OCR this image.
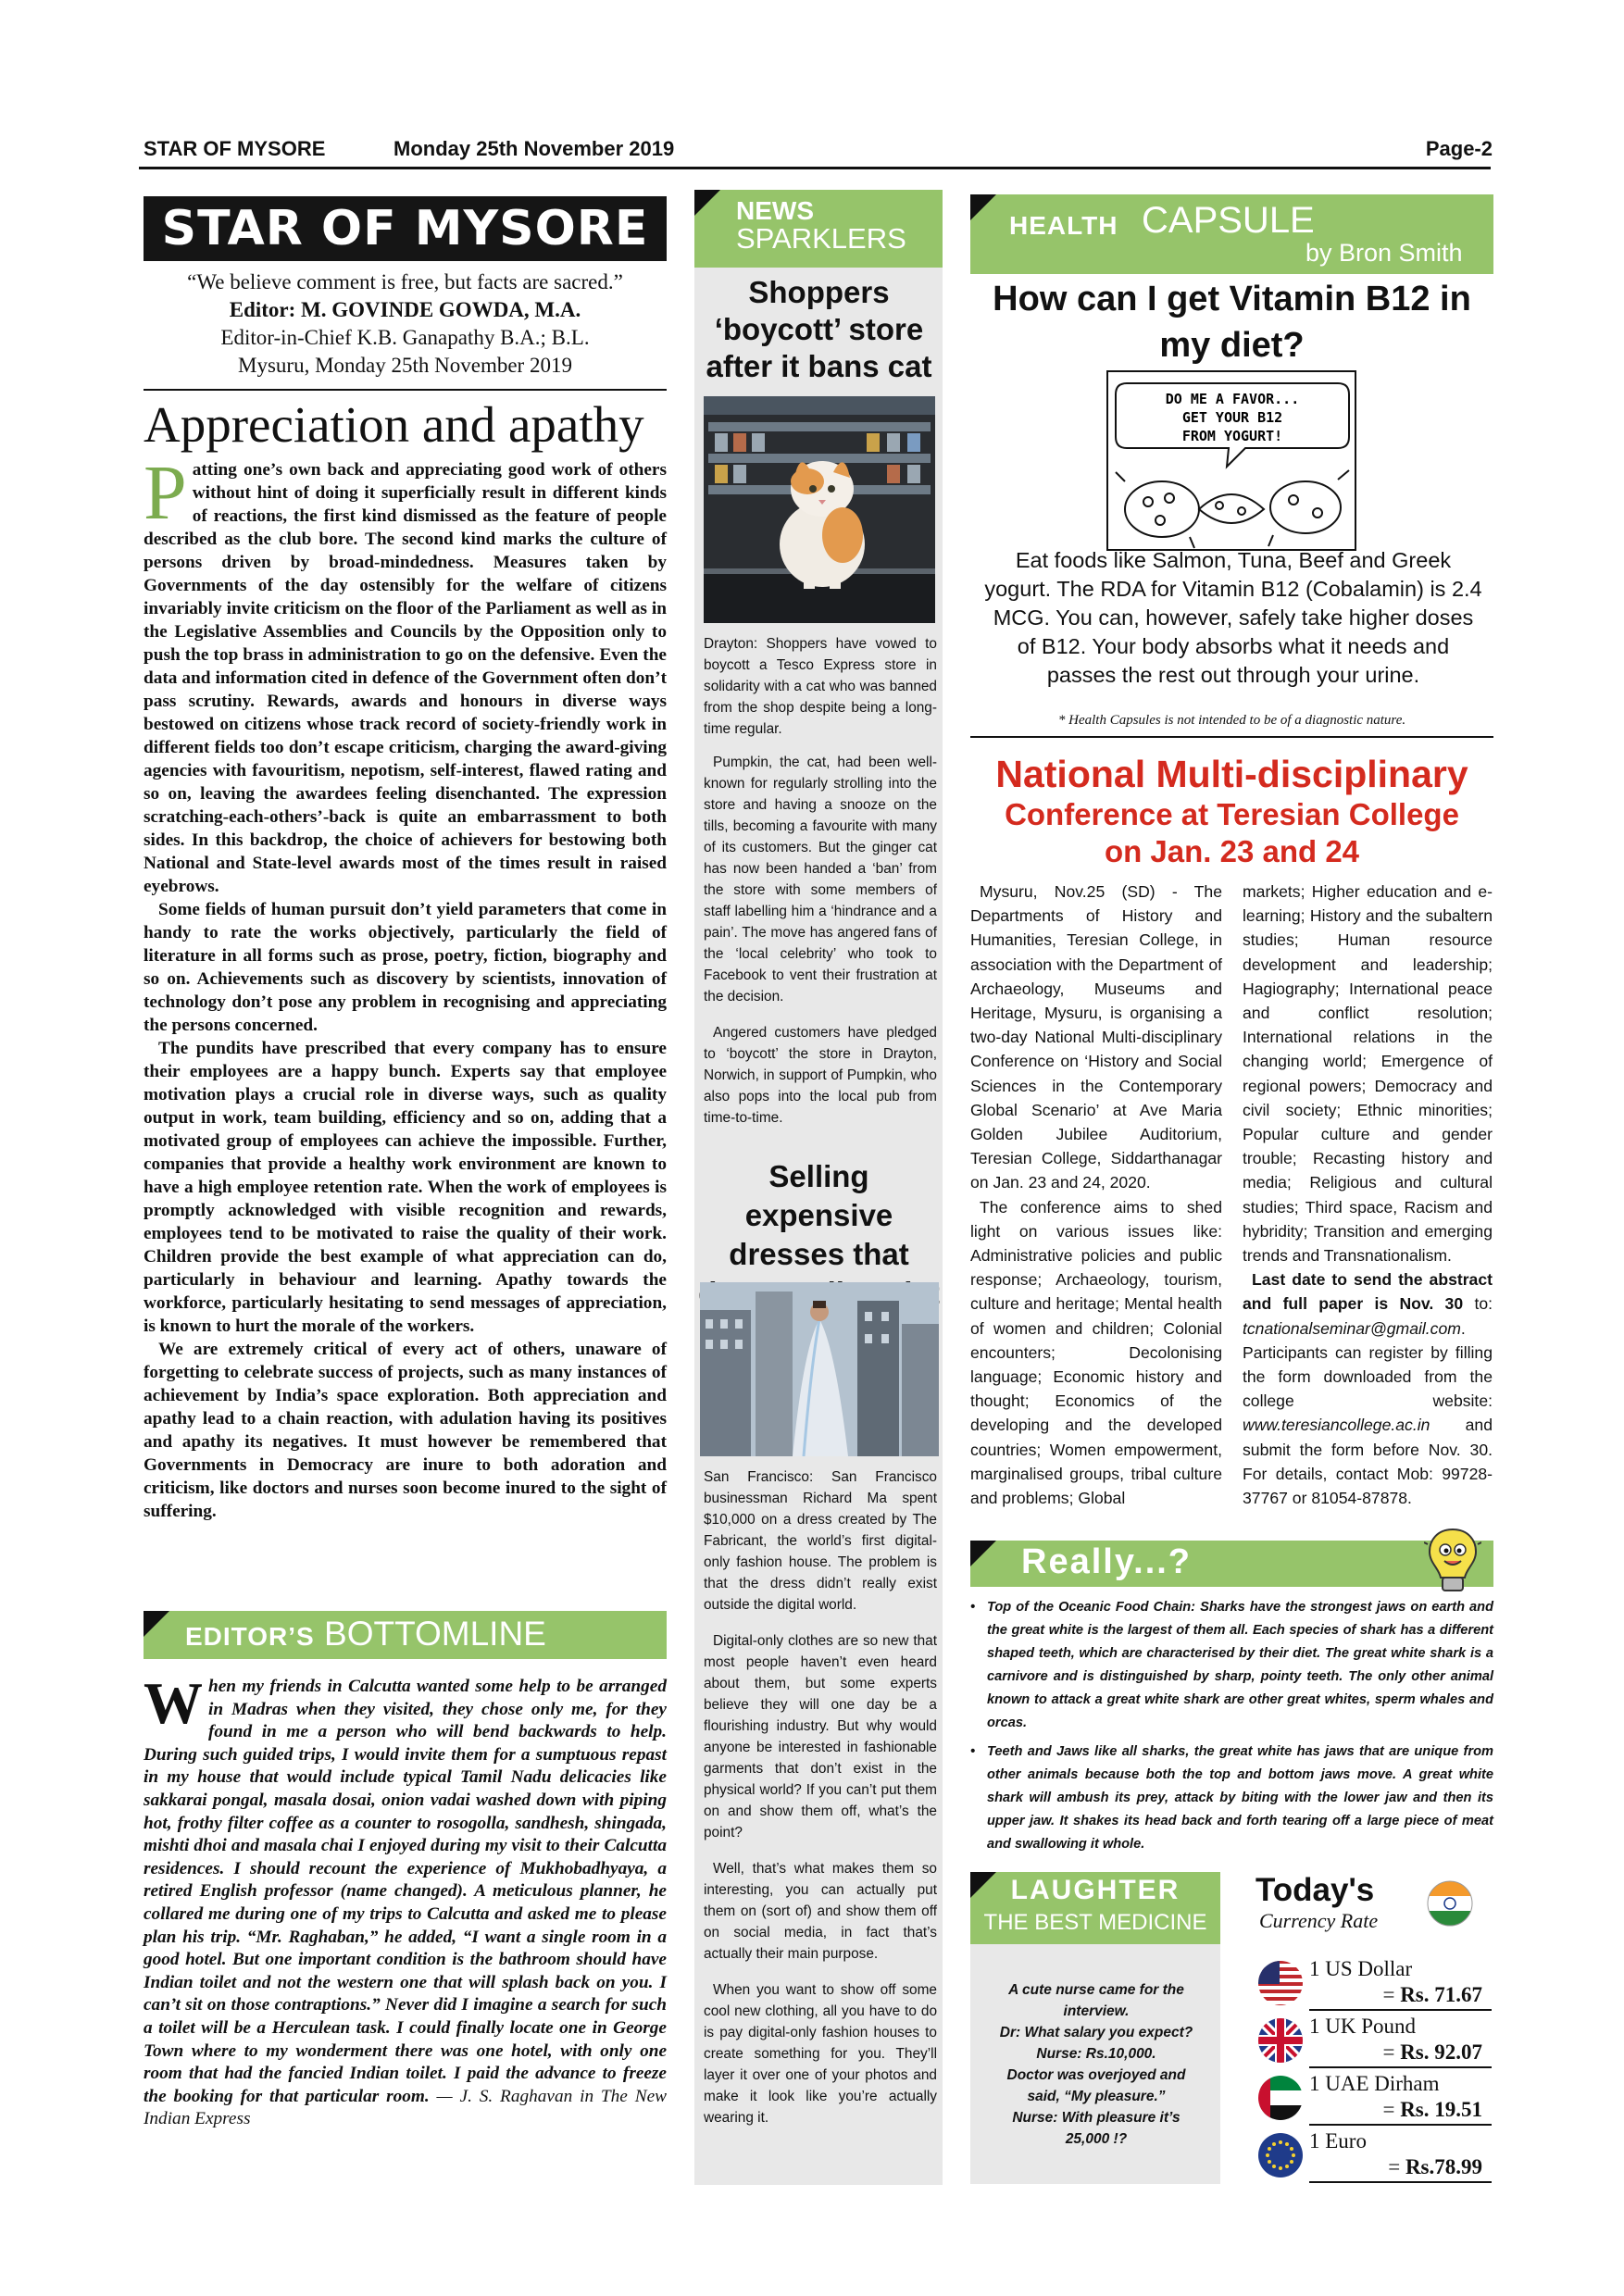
STAR OF MYSORE	Monday 25th November 2019	Page-2
STAR OF MYSORE
“We believe comment is free, but facts are sacred.”
Editor: M. GOVINDE GOWDA, M.A.
Editor-in-Chief K.B. Ganapathy B.A.; B.L.
Mysuru, Monday 25th November 2019
Appreciation and apathy

Patting one’s own back and appreciating good work of others without hint of doing it superficially result in different kinds of reactions, the first kind dismissed as the feature of people described as the club bore. The second kind marks the culture of persons driven by broad-mindedness. Measures taken by Governments of the day ostensibly for the welfare of citizens invariably invite criticism on the floor of the Parliament as well as in the Legislative Assemblies and Councils by the Opposition only to push the top brass in administration to go on the defensive. Even the data and information cited in defence of the Government often don’t pass scrutiny. Rewards, awards and honours in diverse ways bestowed on citizens whose track record of society-friendly work in different fields too don’t escape criticism, charging the award-giving agencies with favouritism, nepotism, self-interest, flawed rating and so on, leaving the awardees feeling disenchanted. The expression scratching-each-others’-back is quite an embarrassment to both sides. In this backdrop, the choice of achievers for bestowing both National and State-level awards most of the times result in raised eyebrows.

Some fields of human pursuit don’t yield parameters that come in handy to rate the works objectively, particularly the field of literature in all forms such as prose, poetry, fiction, biography and so on. Achievements such as discovery by scientists, innovation of technology don’t pose any problem in recognising and appreciating the persons concerned.

The pundits have prescribed that every company has to ensure their employees are a happy bunch. Experts say that employee motivation plays a crucial role in diverse ways, such as quality output in work, team building, efficiency and so on, adding that a motivated group of employees can achieve the impossible. Further, companies that provide a healthy work environment are known to have a high employee retention rate. When the work of employees is promptly acknowledged with visible recognition and rewards, employees tend to be motivated to raise the quality of their work. Children provide the best example of what appreciation can do, particularly in behaviour and learning. Apathy towards the workforce, particularly hesitating to send messages of appreciation, is known to hurt the morale of the workers.

We are extremely critical of every act of others, unaware of forgetting to celebrate success of projects, such as many instances of achievement by India’s space exploration. Both appreciation and apathy lead to a chain reaction, with adulation having its positives and apathy its negatives. It must however be remembered that Governments in Democracy are inure to both adoration and criticism, like doctors and nurses soon become inured to the sight of suffering.

EDITOR’S BOTTOMLINE
When my friends in Calcutta wanted some help to be arranged in Madras when they visited, they chose only me, for they found in me a person who will bend backwards to help. During such guided trips, I would invite them for a sumptuous repast in my house that would include typical Tamil Nadu delicacies like sakkarai pongal, masala dosai, onion vadai washed down with piping hot, frothy filter coffee as a counter to rosogolla, sandhesh, shingada, mishti dhoi and masala chai I enjoyed during my visit to their Calcutta residences. I should recount the experience of Mukhobadhyaya, a retired English professor (name changed). A meticulous planner, he collared me during one of my trips to Calcutta and asked me to please plan his trip. “Mr. Raghaban,” he added, “I want a single room in a good hotel. But one important condition is the bathroom should have Indian toilet and not the western one that will splash back on you. I can’t sit on those contraptions.” Never did I imagine a search for such a toilet will be a Herculean task. I could finally locate one in George Town where to my wonderment there was one hotel, with only one room that had the fancied Indian toilet. I paid the advance to freeze the booking for that particular room. — J. S. Raghavan in The New Indian Express
NEWS
SPARKLERS
Shoppers ‘boycott’ store after it bans cat
Drayton: Shoppers have vowed to boycott a Tesco Express store in solidarity with a cat who was banned from the shop despite being a long-time regular.

Pumpkin, the cat, had been well-known for regularly strolling into the store and having a snooze on the tills, becoming a favourite with many of its customers. But the ginger cat has now been handed a ‘ban’ from the store with some members of staff labelling him a ‘hindrance and a pain’. The move has angered fans of the ‘local celebrity’ who took to Facebook to vent their frustration at the decision.

Angered customers have pledged to ‘boycott’ the store in Drayton, Norwich, in support of Pumpkin, who also pops into the local pub from time-to-time.

Selling expensive dresses that

San Francisco: San Francisco businessman Richard Ma spent $10,000 on a dress created by The Fabricant, the world’s first digital-only fashion house. The problem is that the dress didn’t really exist outside the digital world.

Digital-only clothes are so new that most people haven’t even heard about them, but some experts believe they will one day be a flourishing industry. But why would anyone be interested in fashionable garments that don’t exist in the physical world? If you can’t put them on and show them off, what’s the point?

Well, that’s what makes them so interesting, you can actually put them on (sort of) and show them off on social media, in fact that’s actually their main purpose.

When you want to show off some cool new clothing, all you have to do is pay digital-only fashion houses to create something for you. They’ll layer it over one of your photos and make it look like you’re actually wearing it.

HEALTH CAPSULE
by Bron Smith
How can I get Vitamin B12 in my diet?
DO ME A FAVOR...
GET YOUR B12
FROM YOGURT!
Eat foods like Salmon, Tuna, Beef and Greek yogurt. The RDA for Vitamin B12 (Cobalamin) is 2.4 MCG. You can, however, safely take higher doses of B12. Your body absorbs what it needs and passes the rest out through your urine.
* Health Capsules is not intended to be of a diagnostic nature.
National Multi-disciplinary
Conference at Teresian College
on Jan. 23 and 24

Mysuru, Nov.25 (SD) - The Departments of History and Humanities, Teresian College, in association with the Department of Archaeology, Museums and Heritage, Mysuru, is organising a two-day National Multi-disciplinary Conference on ‘History and Social Sciences in the Contemporary Global Scenario’ at Ave Maria Golden Jubilee Auditorium, Teresian College, Siddarthanagar on Jan. 23 and 24, 2020.

The conference aims to shed light on various issues like: Administrative policies and public response; Archaeology, tourism, culture and heritage; Mental health of women and children; Colonial encounters; Decolonising language; Economic history and thought; Economics of the developing and the developed countries; Women empowerment, marginalised groups, tribal culture and problems; Global

markets; Higher education and e-learning; History and the subaltern studies; Human resource development and leadership; Hagiography; International peace and conflict resolution; International relations in the changing world; Emergence of regional powers; Democracy and civil society; Ethnic minorities; Popular culture and gender trouble; Recasting history and media; Religious and cultural studies; Third space, Racism and hybridity; Transition and emerging trends and Transnationalism.

Last date to send the abstract and full paper is Nov. 30 to: tcnationalseminar@gmail.com. Participants can register by filling the form downloaded from the college website: www.teresiancollege.ac.in and submit the form before Nov. 30. For details, contact Mob: 99728-37767 or 81054-87878.

Really...?
• Top of the Oceanic Food Chain: Sharks have the strongest jaws on earth and the great white is the largest of them all. Each species of shark has a different shaped teeth, which are characterised by their diet. The great white shark is a carnivore and is distinguished by sharp, pointy teeth. The only other animal known to attack a great white shark are other great whites, sperm whales and orcas.
• Teeth and Jaws like all sharks, the great white has jaws that are unique from other animals because both the top and bottom jaws move. A great white shark will ambush its prey, attack by biting with the lower jaw and then its upper jaw. It shakes its head back and forth tearing off a large piece of meat and swallowing it whole.
LAUGHTER
THE BEST MEDICINE
A cute nurse came for the interview.
Dr: What salary you expect?
Nurse: Rs.10,000.
Doctor was overjoyed and said, “My pleasure.”
Nurse: With pleasure it’s 25,000 !?
Today's
Currency Rate
1 US Dollar
= Rs. 71.67
1 UK Pound
= Rs. 92.07
1 UAE Dirham
= Rs. 19.51
1 Euro
= Rs.78.99
